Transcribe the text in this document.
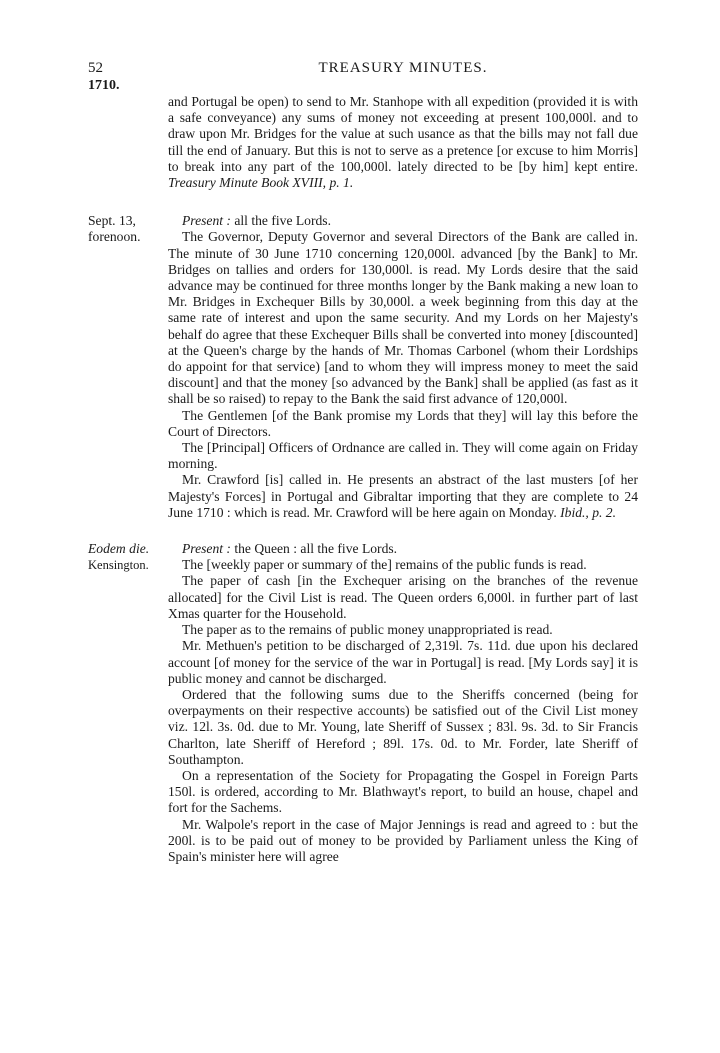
52
1710.
TREASURY MINUTES.

and Portugal be open) to send to Mr. Stanhope with all expedition (provided it is with a safe conveyance) any sums of money not exceeding at present 100,000l. and to draw upon Mr. Bridges for the value at such usance as that the bills may not fall due till the end of January. But this is not to serve as a pretence [or excuse to him Morris] to break into any part of the 100,000l. lately directed to be [by him] kept entire. Treasury Minute Book XVIII, p. 1.

Sept. 13,
forenoon.

Present : all the five Lords.

The Governor, Deputy Governor and several Directors of the Bank are called in. The minute of 30 June 1710 concerning 120,000l. advanced [by the Bank] to Mr. Bridges on tallies and orders for 130,000l. is read. My Lords desire that the said advance may be continued for three months longer by the Bank making a new loan to Mr. Bridges in Exchequer Bills by 30,000l. a week beginning from this day at the same rate of interest and upon the same security. And my Lords on her Majesty's behalf do agree that these Exchequer Bills shall be converted into money [discounted] at the Queen's charge by the hands of Mr. Thomas Carbonel (whom their Lordships do appoint for that service) [and to whom they will impress money to meet the said discount] and that the money [so advanced by the Bank] shall be applied (as fast as it shall be so raised) to repay to the Bank the said first advance of 120,000l.

The Gentlemen [of the Bank promise my Lords that they] will lay this before the Court of Directors.

The [Principal] Officers of Ordnance are called in. They will come again on Friday morning.

Mr. Crawford [is] called in. He presents an abstract of the last musters [of her Majesty's Forces] in Portugal and Gibraltar importing that they are complete to 24 June 1710 : which is read. Mr. Crawford will be here again on Monday. Ibid., p. 2.

Eodem die.
Kensington.

Present : the Queen : all the five Lords.

The [weekly paper or summary of the] remains of the public funds is read.

The paper of cash [in the Exchequer arising on the branches of the revenue allocated] for the Civil List is read. The Queen orders 6,000l. in further part of last Xmas quarter for the Household.

The paper as to the remains of public money unappropriated is read.

Mr. Methuen's petition to be discharged of 2,319l. 7s. 11d. due upon his declared account [of money for the service of the war in Portugal] is read. [My Lords say] it is public money and cannot be discharged.

Ordered that the following sums due to the Sheriffs concerned (being for overpayments on their respective accounts) be satisfied out of the Civil List money viz. 12l. 3s. 0d. due to Mr. Young, late Sheriff of Sussex ; 83l. 9s. 3d. to Sir Francis Charlton, late Sheriff of Hereford ; 89l. 17s. 0d. to Mr. Forder, late Sheriff of Southampton.

On a representation of the Society for Propagating the Gospel in Foreign Parts 150l. is ordered, according to Mr. Blathwayt's report, to build an house, chapel and fort for the Sachems.

Mr. Walpole's report in the case of Major Jennings is read and agreed to : but the 200l. is to be paid out of money to be provided by Parliament unless the King of Spain's minister here will agree
